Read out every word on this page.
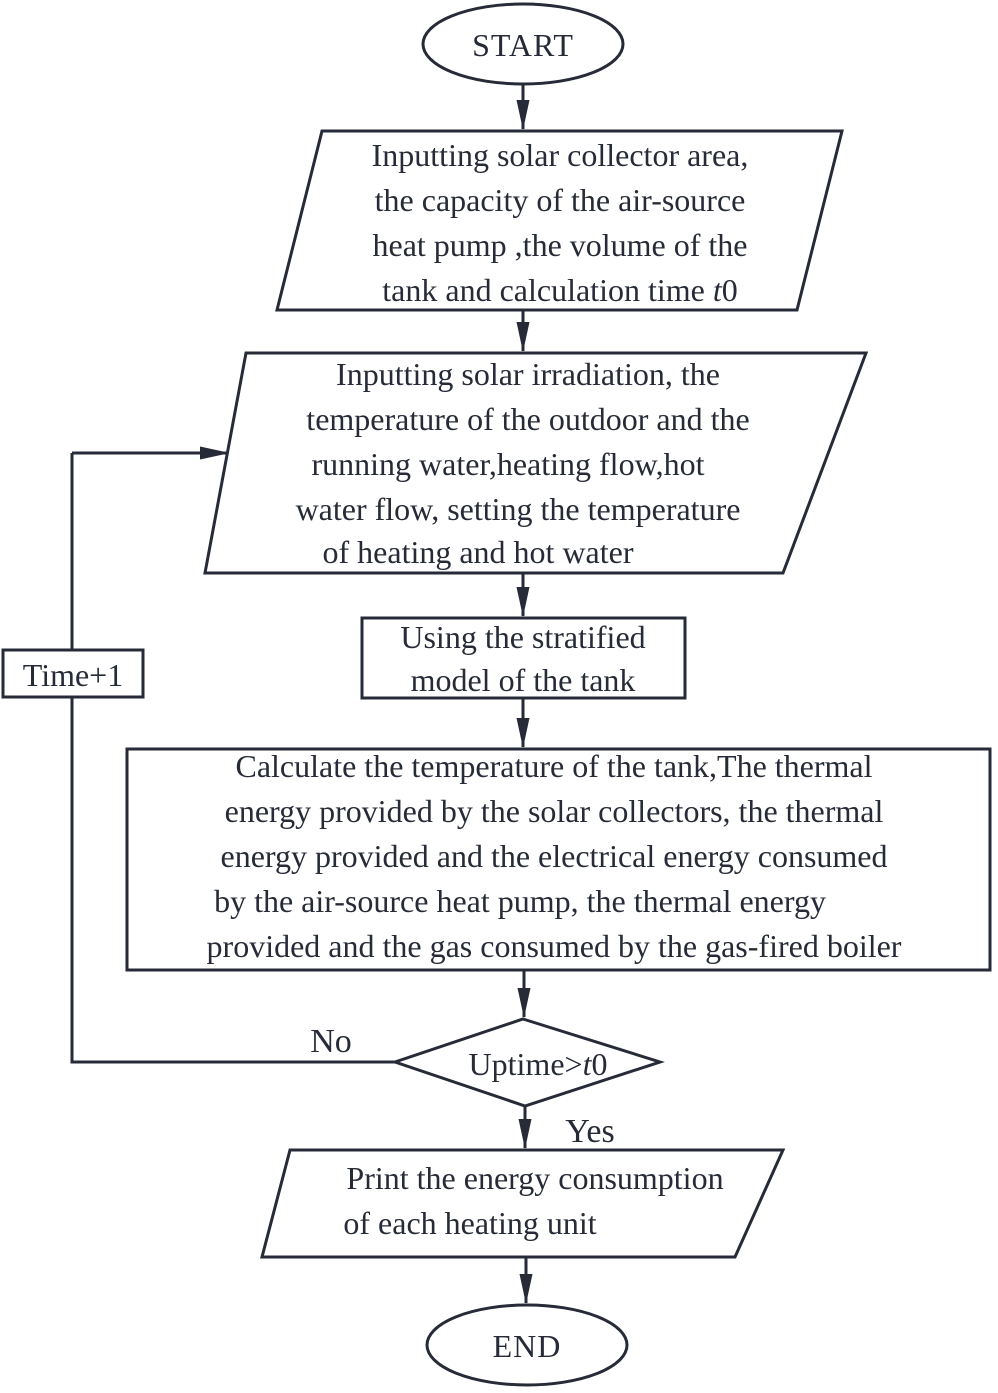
START
Inputting solar collector area,
the capacity of the air-source
heat pump ,the volume of the
tank and calculation time t0
Inputting solar irradiation, the
temperature of the outdoor and the
running water,heating flow,hot
water flow, setting the temperature
of heating and hot water
Using the stratified
model of the tank
Calculate the temperature of the tank,The thermal
energy provided by the solar collectors, the thermal
energy provided and the electrical energy consumed
by the air-source heat pump, the thermal energy
provided and the gas consumed by the gas-fired boiler
Uptime>t0
No
Yes
Time+1
Print the energy consumption
of each heating unit
END
